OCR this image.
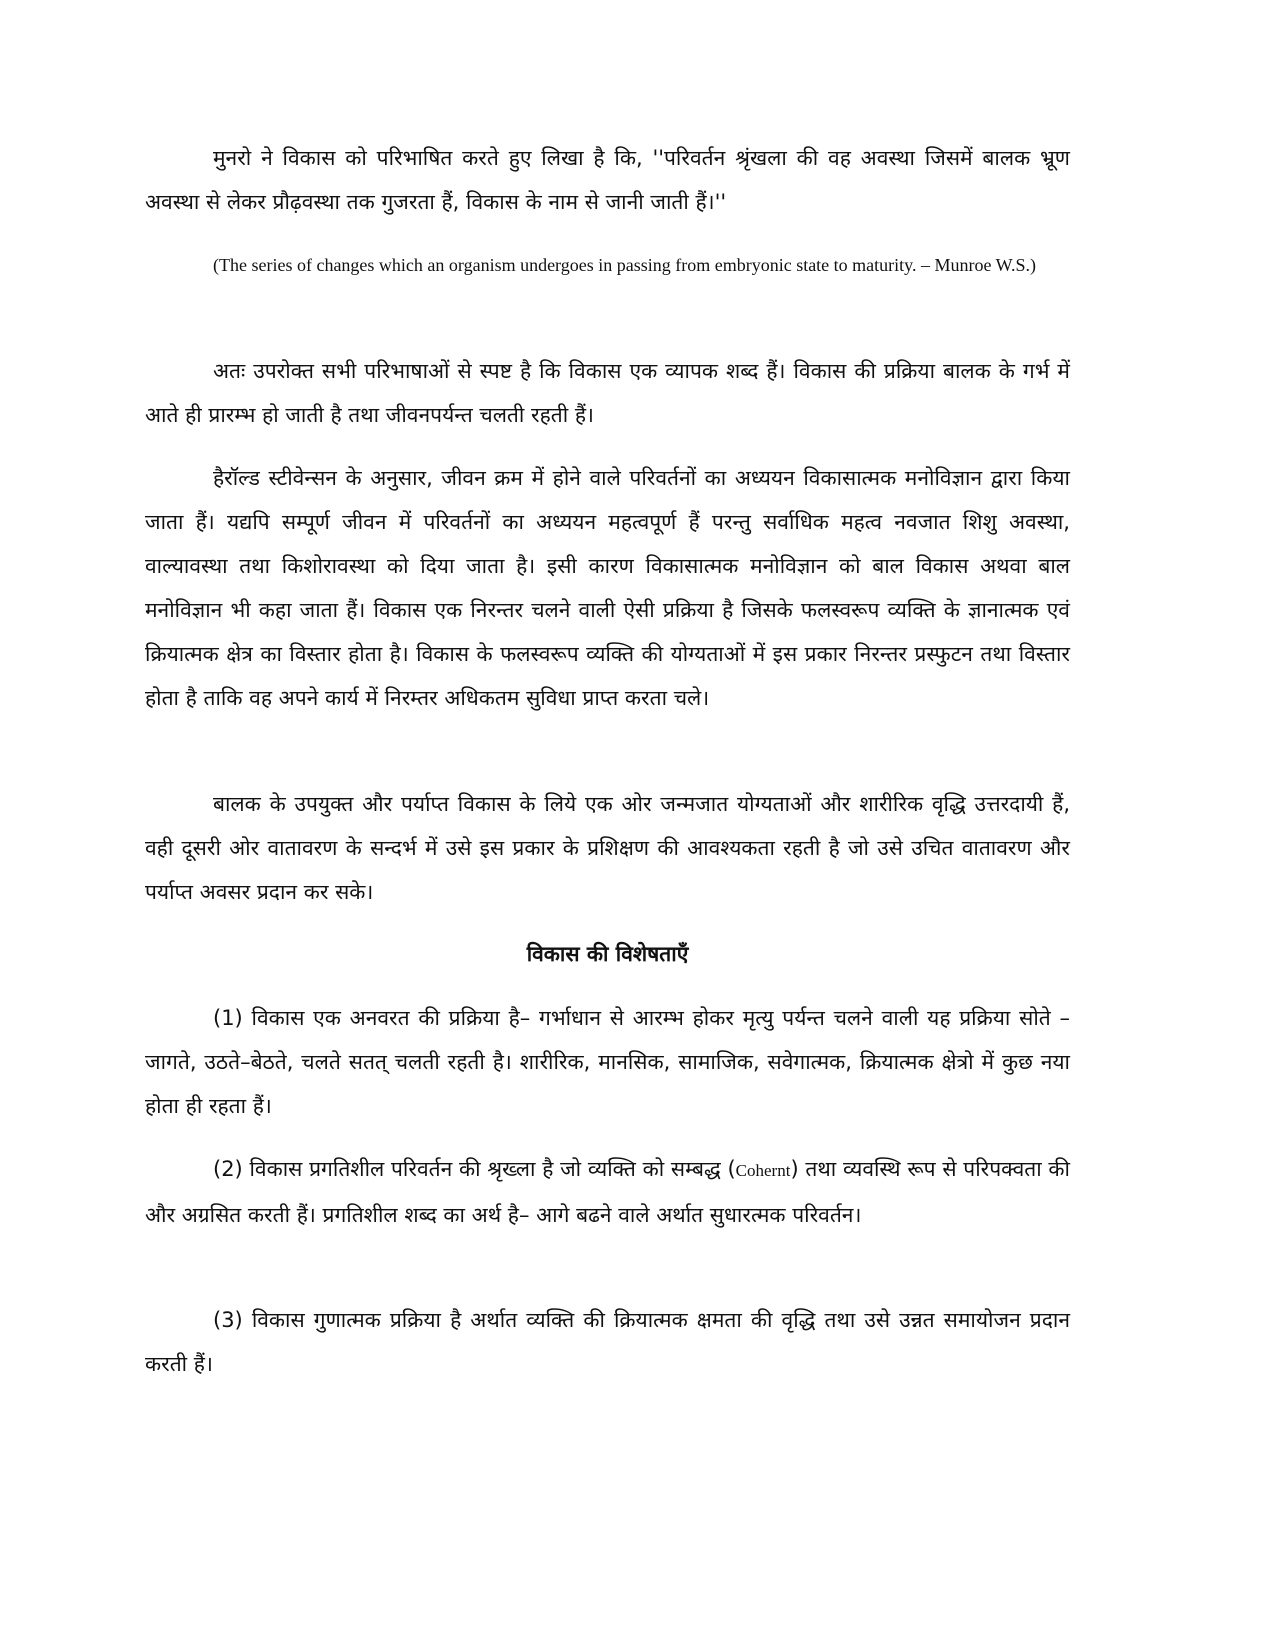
मुनरो ने विकास को परिभाषित करते हुए लिखा है कि, ''परिवर्तन श्रृंखला की वह अवस्था जिसमें बालक भ्रूण अवस्था से लेकर प्रौढ़वस्था तक गुजरता हैं, विकास के नाम से जानी जाती हैं।''

(The series of changes which an organism undergoes in passing from embryonic state to maturity. – Munroe W.S.)

अतः उपरोक्त सभी परिभाषाओं से स्पष्ट है कि विकास एक व्यापक शब्द हैं। विकास की प्रक्रिया बालक के गर्भ में आते ही प्रारम्भ हो जाती है तथा जीवनपर्यन्त चलती रहती हैं।

हैरॉल्ड स्टीवेन्सन के अनुसार, जीवन क्रम में होने वाले परिवर्तनों का अध्ययन विकासात्मक मनोविज्ञान द्वारा किया जाता हैं। यद्यपि सम्पूर्ण जीवन में परिवर्तनों का अध्ययन महत्वपूर्ण हैं परन्तु सर्वाधिक महत्व नवजात शिशु अवस्था, वाल्यावस्था तथा किशोरावस्था को दिया जाता है। इसी कारण विकासात्मक मनोविज्ञान को बाल विकास अथवा बाल मनोविज्ञान भी कहा जाता हैं। विकास एक निरन्तर चलने वाली ऐसी प्रक्रिया है जिसके फलस्वरूप व्यक्ति के ज्ञानात्मक एवं क्रियात्मक क्षेत्र का विस्तार होता है। विकास के फलस्वरूप व्यक्ति की योग्यताओं में इस प्रकार निरन्तर प्रस्फुटन तथा विस्तार होता है ताकि वह अपने कार्य में निरम्तर अधिकतम सुविधा प्राप्त करता चले।

बालक के उपयुक्त और पर्याप्त विकास के लिये एक ओर जन्मजात योग्यताओं और शारीरिक वृद्धि उत्तरदायी हैं, वही दूसरी ओर वातावरण के सन्दर्भ में उसे इस प्रकार के प्रशिक्षण की आवश्यकता रहती है जो उसे उचित वातावरण और पर्याप्त अवसर प्रदान कर सके।

विकास की विशेषताऍं

(1) विकास एक अनवरत की प्रक्रिया है– गर्भाधान से आरम्भ होकर मृत्यु पर्यन्त चलने वाली यह प्रक्रिया सोते –जागते, उठते–बेठते, चलते सतत् चलती रहती है। शारीरिक, मानसिक, सामाजिक, सवेगात्मक, क्रियात्मक क्षेत्रो में कुछ नया होता ही रहता हैं।

(2) विकास प्रगतिशील परिवर्तन की श्रृख्ला है जो व्यक्ति को सम्बद्ध (Cohernt) तथा व्यवस्थि रूप से परिपक्वता की और अग्रसित करती हैं। प्रगतिशील शब्द का अर्थ है– आगे बढने वाले अर्थात सुधारत्मक परिवर्तन।

(3) विकास गुणात्मक प्रक्रिया है अर्थात व्यक्ति की क्रियात्मक क्षमता की वृद्धि तथा उसे उन्नत समायोजन प्रदान करती हैं।
